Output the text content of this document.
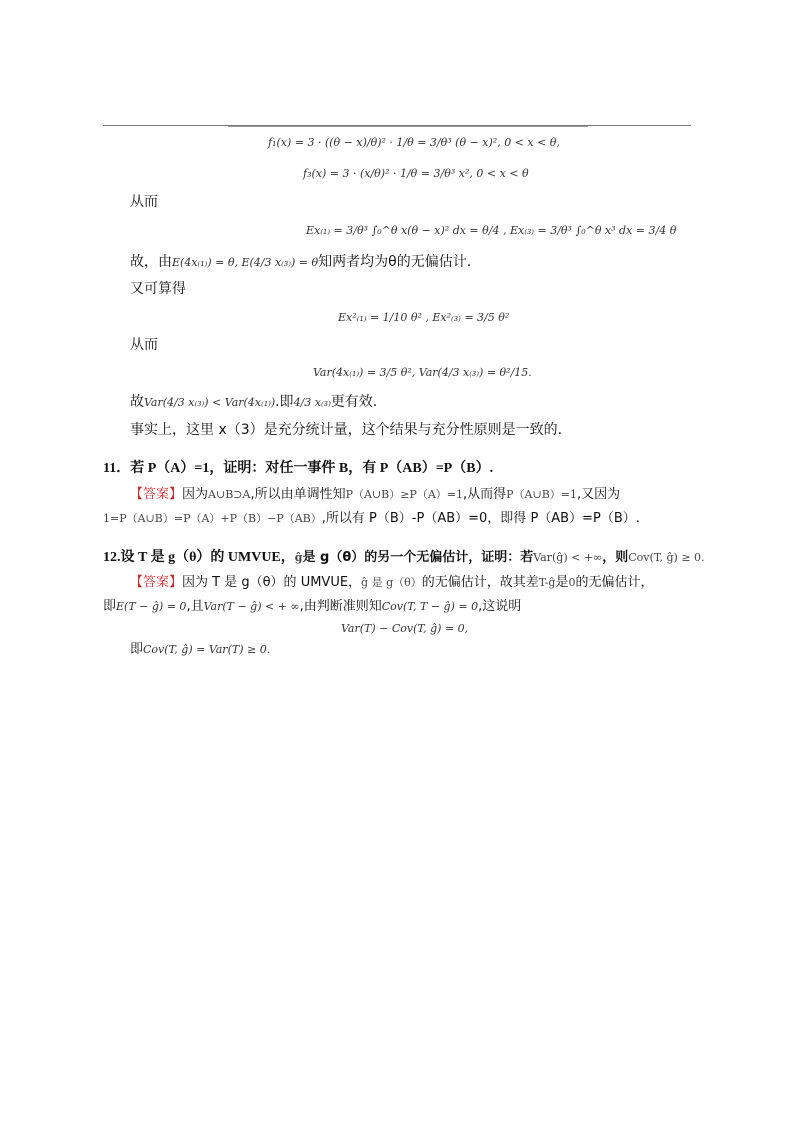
f₁(x) = 3 · ((θ − x)/θ)² · 1/θ = 3/θ³ (θ − x)², 0 < x < θ,
f₃(x) = 3 · (x/θ)² · 1/θ = 3/θ³ x², 0 < x < θ
从而
Ex₍₁₎ = 3/θ³ ∫₀^θ x(θ − x)² dx = θ/4 , Ex₍₃₎ = 3/θ³ ∫₀^θ x³ dx = 3/4 θ
故，由E(4x₍₁₎) = θ, E(4/3 x₍₃₎) = θ知两者均为θ的无偏估计.
又可算得
Ex²₍₁₎ = 1/10 θ² , Ex²₍₃₎ = 3/5 θ²
从而
Var(4x₍₁₎) = 3/5 θ², Var(4/3 x₍₃₎) = θ²/15.
故Var(4/3 x₍₃₎) < Var(4x₍₁₎).即4/3 x₍₃₎更有效.
事实上，这里 x（3）是充分统计量，这个结果与充分性原则是一致的.
11．若 P（A）=1，证明：对任一事件 B，有 P（AB）=P（B）.
【答案】因为A∪B⊃A,所以由单调性知P（A∪B）≥P（A）=1,从而得P（A∪B）=1,又因为
1=P（A∪B）=P（A）+P（B）−P（AB）,所以有 P（B）-P（AB）=0，即得 P（AB）=P（B）.
12.设 T 是 g（θ）的 UMVUE，ĝ是 g（θ）的另一个无偏估计，证明：若Var(ĝ) < +∞，则Cov(T, ĝ) ≥ 0.
【答案】因为 T 是 g（θ）的 UMVUE，ĝ 是 g（θ）的无偏估计，故其差T-ĝ是0的无偏估计，
即E(T − ĝ) = 0,且Var(T − ĝ) < + ∞,由判断准则知Cov(T, T − ĝ) = 0,这说明
Var(T) − Cov(T, ĝ) = 0,
即Cov(T, ĝ) = Var(T) ≥ 0.
